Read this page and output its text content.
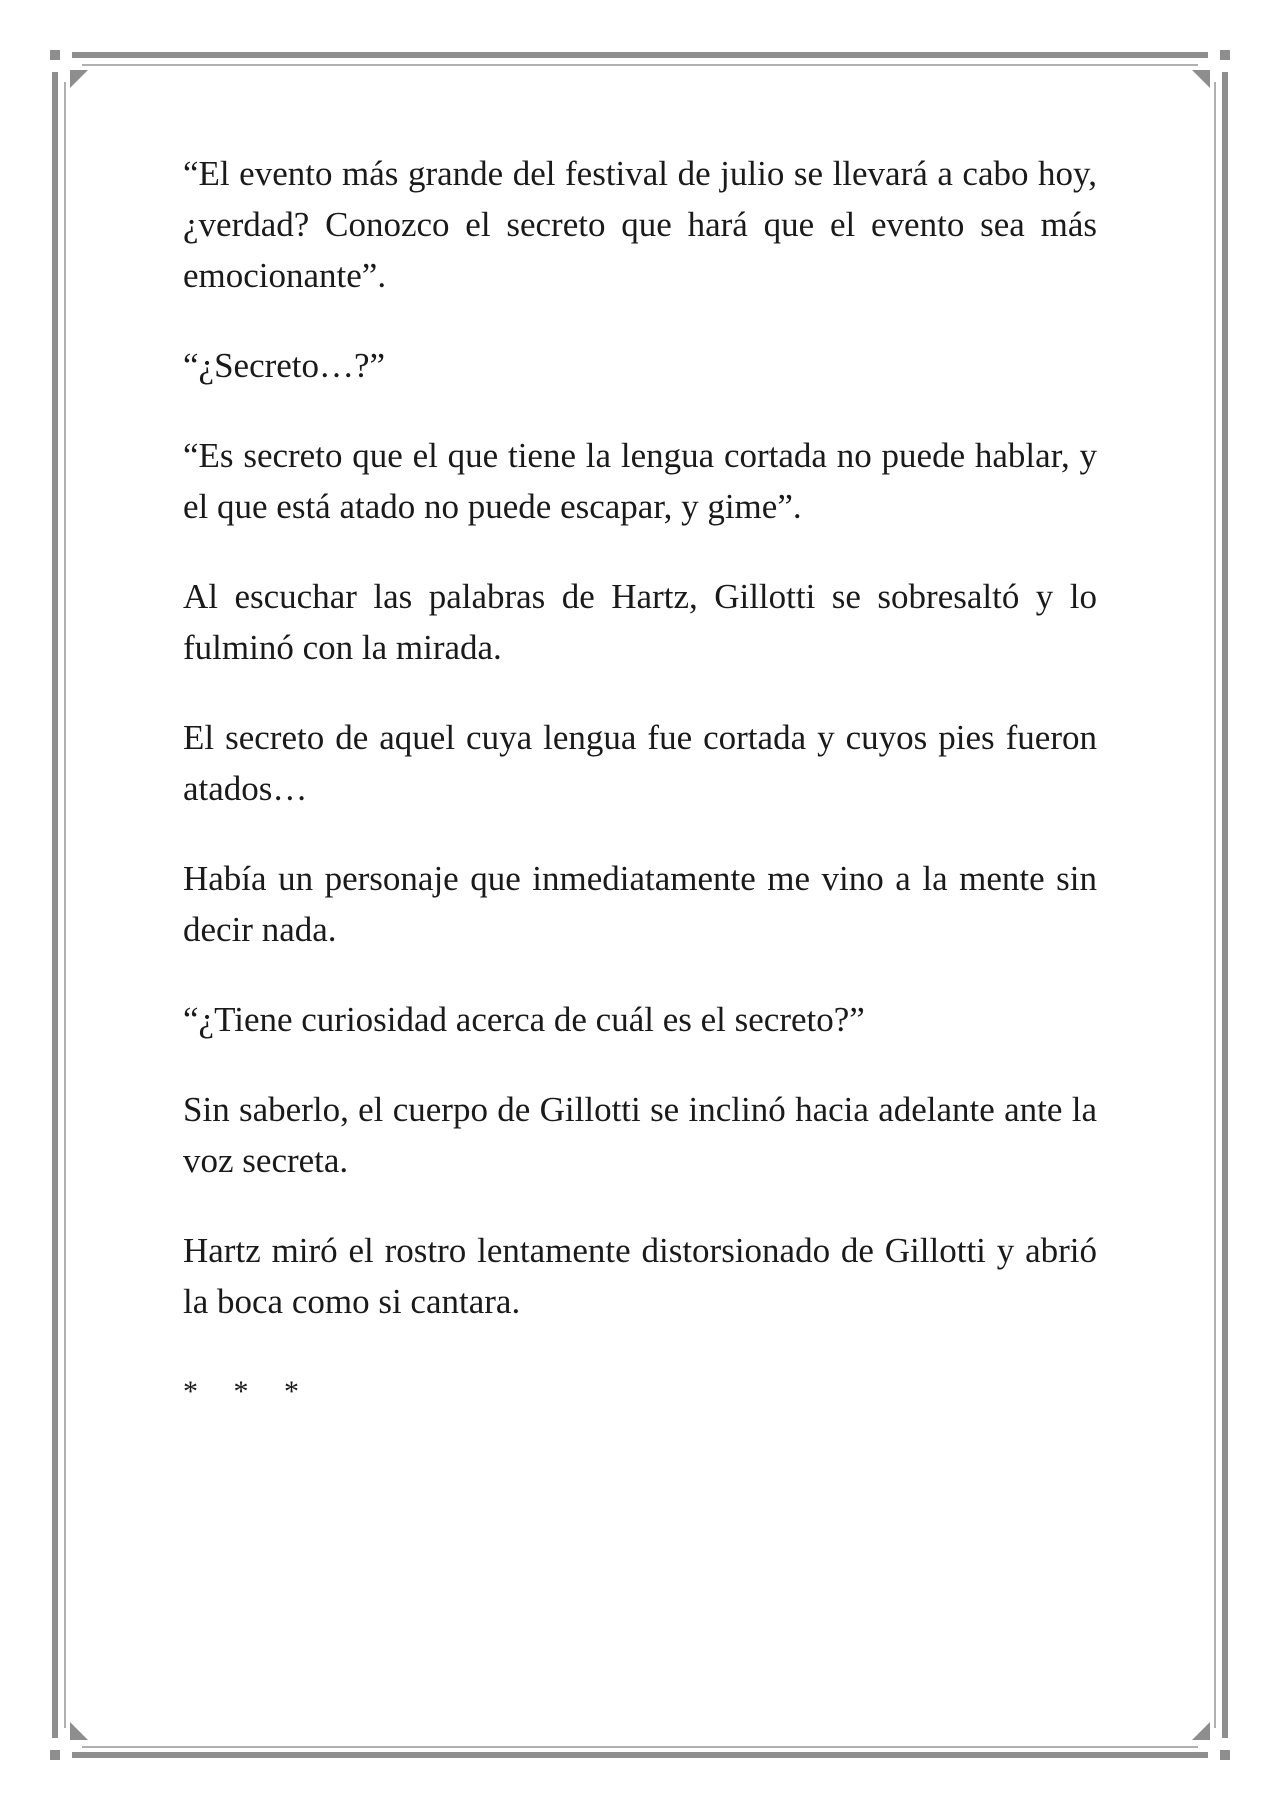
“El evento más grande del festival de julio se llevará a cabo hoy, ¿verdad? Conozco el secreto que hará que el evento sea más emocionante”.

“¿Secreto…?”

“Es secreto que el que tiene la lengua cortada no puede hablar, y el que está atado no puede escapar, y gime”.

Al escuchar las palabras de Hartz, Gillotti se sobresaltó y lo fulminó con la mirada.

El secreto de aquel cuya lengua fue cortada y cuyos pies fueron atados…

Había un personaje que inmediatamente me vino a la mente sin decir nada.

“¿Tiene curiosidad acerca de cuál es el secreto?”

Sin saberlo, el cuerpo de Gillotti se inclinó hacia adelante ante la voz secreta.

Hartz miró el rostro lentamente distorsionado de Gillotti y abrió la boca como si cantara.

* * *
